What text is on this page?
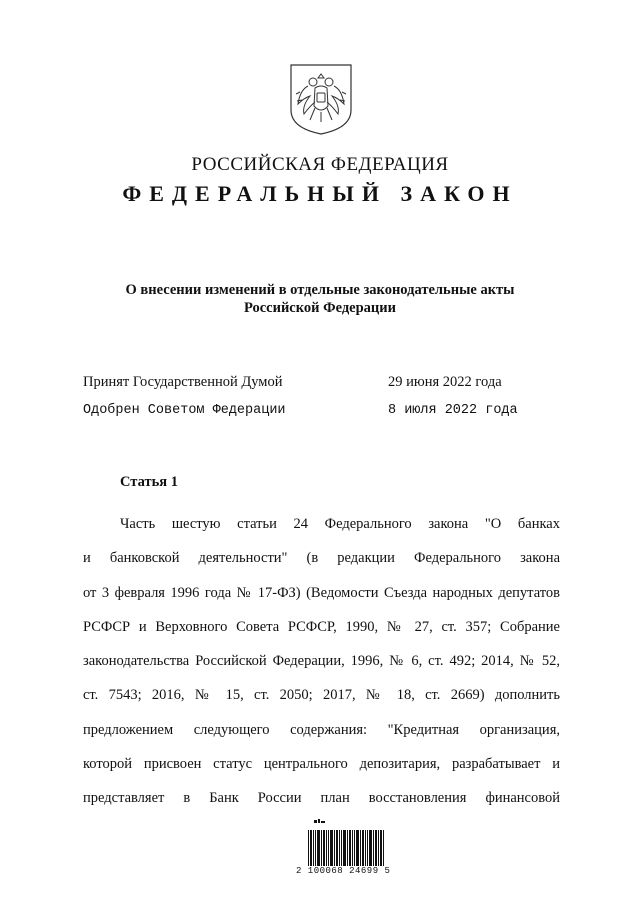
РОССИЙСКАЯ ФЕДЕРАЦИЯ
ФЕДЕРАЛЬНЫЙ ЗАКОН
О внесении изменений в отдельные законодательные акты
Российской Федерации
Принят Государственной Думой	29 июня 2022 года
Одобрен Советом Федерации	8 июля 2022 года
Статья 1
Часть шестую статьи 24 Федерального закона "О банках
и банковской деятельности" (в редакции Федерального закона
от 3 февраля 1996 года № 17-ФЗ) (Ведомости Съезда народных депутатов
РСФСР и Верховного Совета РСФСР, 1990, № 27, ст. 357; Собрание
законодательства Российской Федерации, 1996, № 6, ст. 492; 2014, № 52,
ст. 7543; 2016, № 15, ст. 2050; 2017, № 18, ст. 2669) дополнить
предложением следующего содержания: "Кредитная организация,
которой присвоен статус центрального депозитария, разрабатывает и
представляет в Банк России план восстановления финансовой
2 100068 24699 5
